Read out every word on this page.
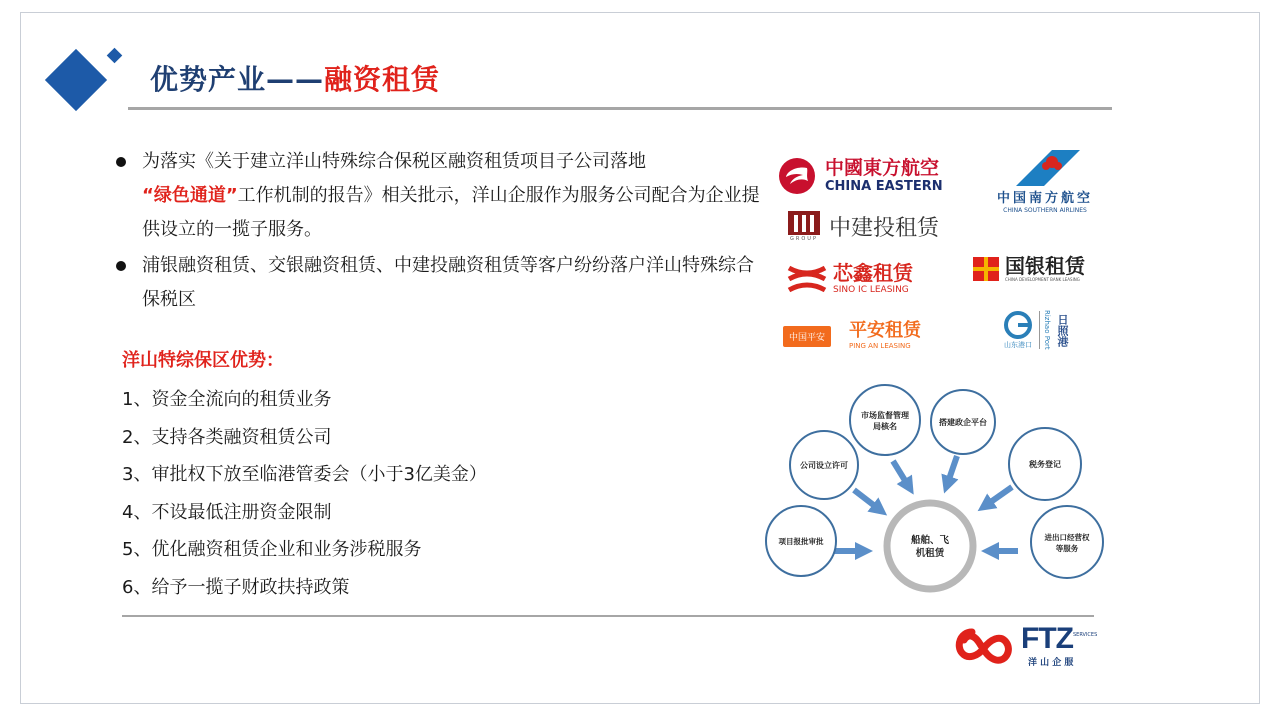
优势产业——融资租赁
为落实《关于建立洋山特殊综合保税区融资租赁项目子公司落地
“绿色通道”工作机制的报告》相关批示，洋山企服作为服务公司配合为企业提供设立的一揽子服务。
浦银融资租赁、交银融资租赁、中建投融资租赁等客户纷纷落户洋山特殊综合保税区
洋山特综保区优势：
1、资金全流向的租赁业务
2、支持各类融资租赁公司
3、审批权下放至临港管委会（小于3亿美金）
4、不设最低注册资金限制
5、优化融资租赁企业和业务涉税服务
6、给予一揽子财政扶持政策
中國東方航空
CHINA EASTERN
中国南方航空
CHINA SOUTHERN AIRLINES
GROUP 中建投租赁
芯鑫租赁
SINO IC LEASING
国银租赁
CHINA DEVELOPMENT BANK LEASING
中国平安	平安租赁
PING AN LEASING	山东港口 Rizhao Port 日照港
市场监督管理
局核名	搭建政企平台
公司设立许可	税务登记
项目报批审批	进出口经营权
等服务
船舶、飞
机租赁
FTZ SERVICES
洋 山 企 服
